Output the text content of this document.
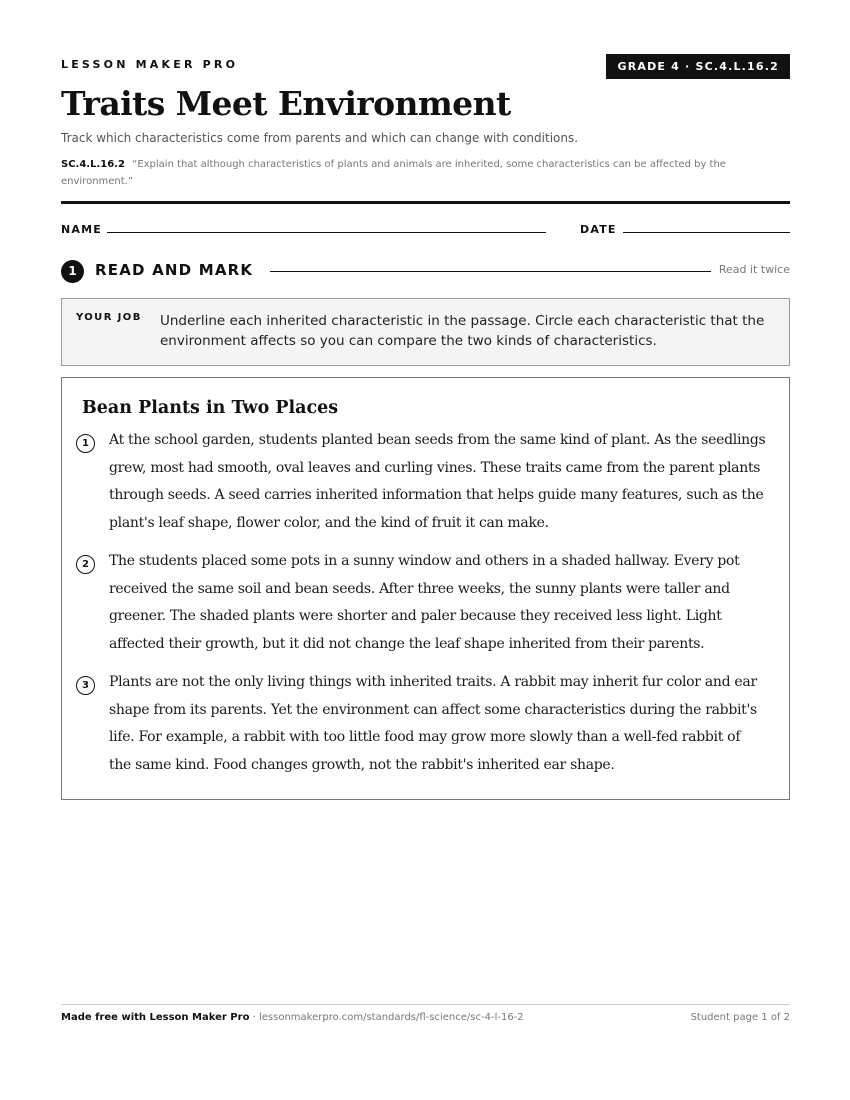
LESSON MAKER PRO	GRADE 4 · SC.4.L.16.2
Traits Meet Environment
Track which characteristics come from parents and which can change with conditions.
SC.4.L.16.2 “Explain that although characteristics of plants and animals are inherited, some characteristics can be affected by the environment.”
NAME	DATE
1	READ AND MARK	Read it twice
YOUR JOB Underline each inherited characteristic in the passage. Circle each characteristic that the environment affects so you can compare the two kinds of characteristics.
Bean Plants in Two Places
1	At the school garden, students planted bean seeds from the same kind of plant. As the seedlings grew, most had smooth, oval leaves and curling vines. These traits came from the parent plants through seeds. A seed carries inherited information that helps guide many features, such as the plant's leaf shape, flower color, and the kind of fruit it can make.
2	The students placed some pots in a sunny window and others in a shaded hallway. Every pot received the same soil and bean seeds. After three weeks, the sunny plants were taller and greener. The shaded plants were shorter and paler because they received less light. Light affected their growth, but it did not change the leaf shape inherited from their parents.
3	Plants are not the only living things with inherited traits. A rabbit may inherit fur color and ear shape from its parents. Yet the environment can affect some characteristics during the rabbit's life. For example, a rabbit with too little food may grow more slowly than a well-fed rabbit of the same kind. Food changes growth, not the rabbit's inherited ear shape.
Made free with Lesson Maker Pro · lessonmakerpro.com/standards/fl-science/sc-4-l-16-2	Student page 1 of 2
